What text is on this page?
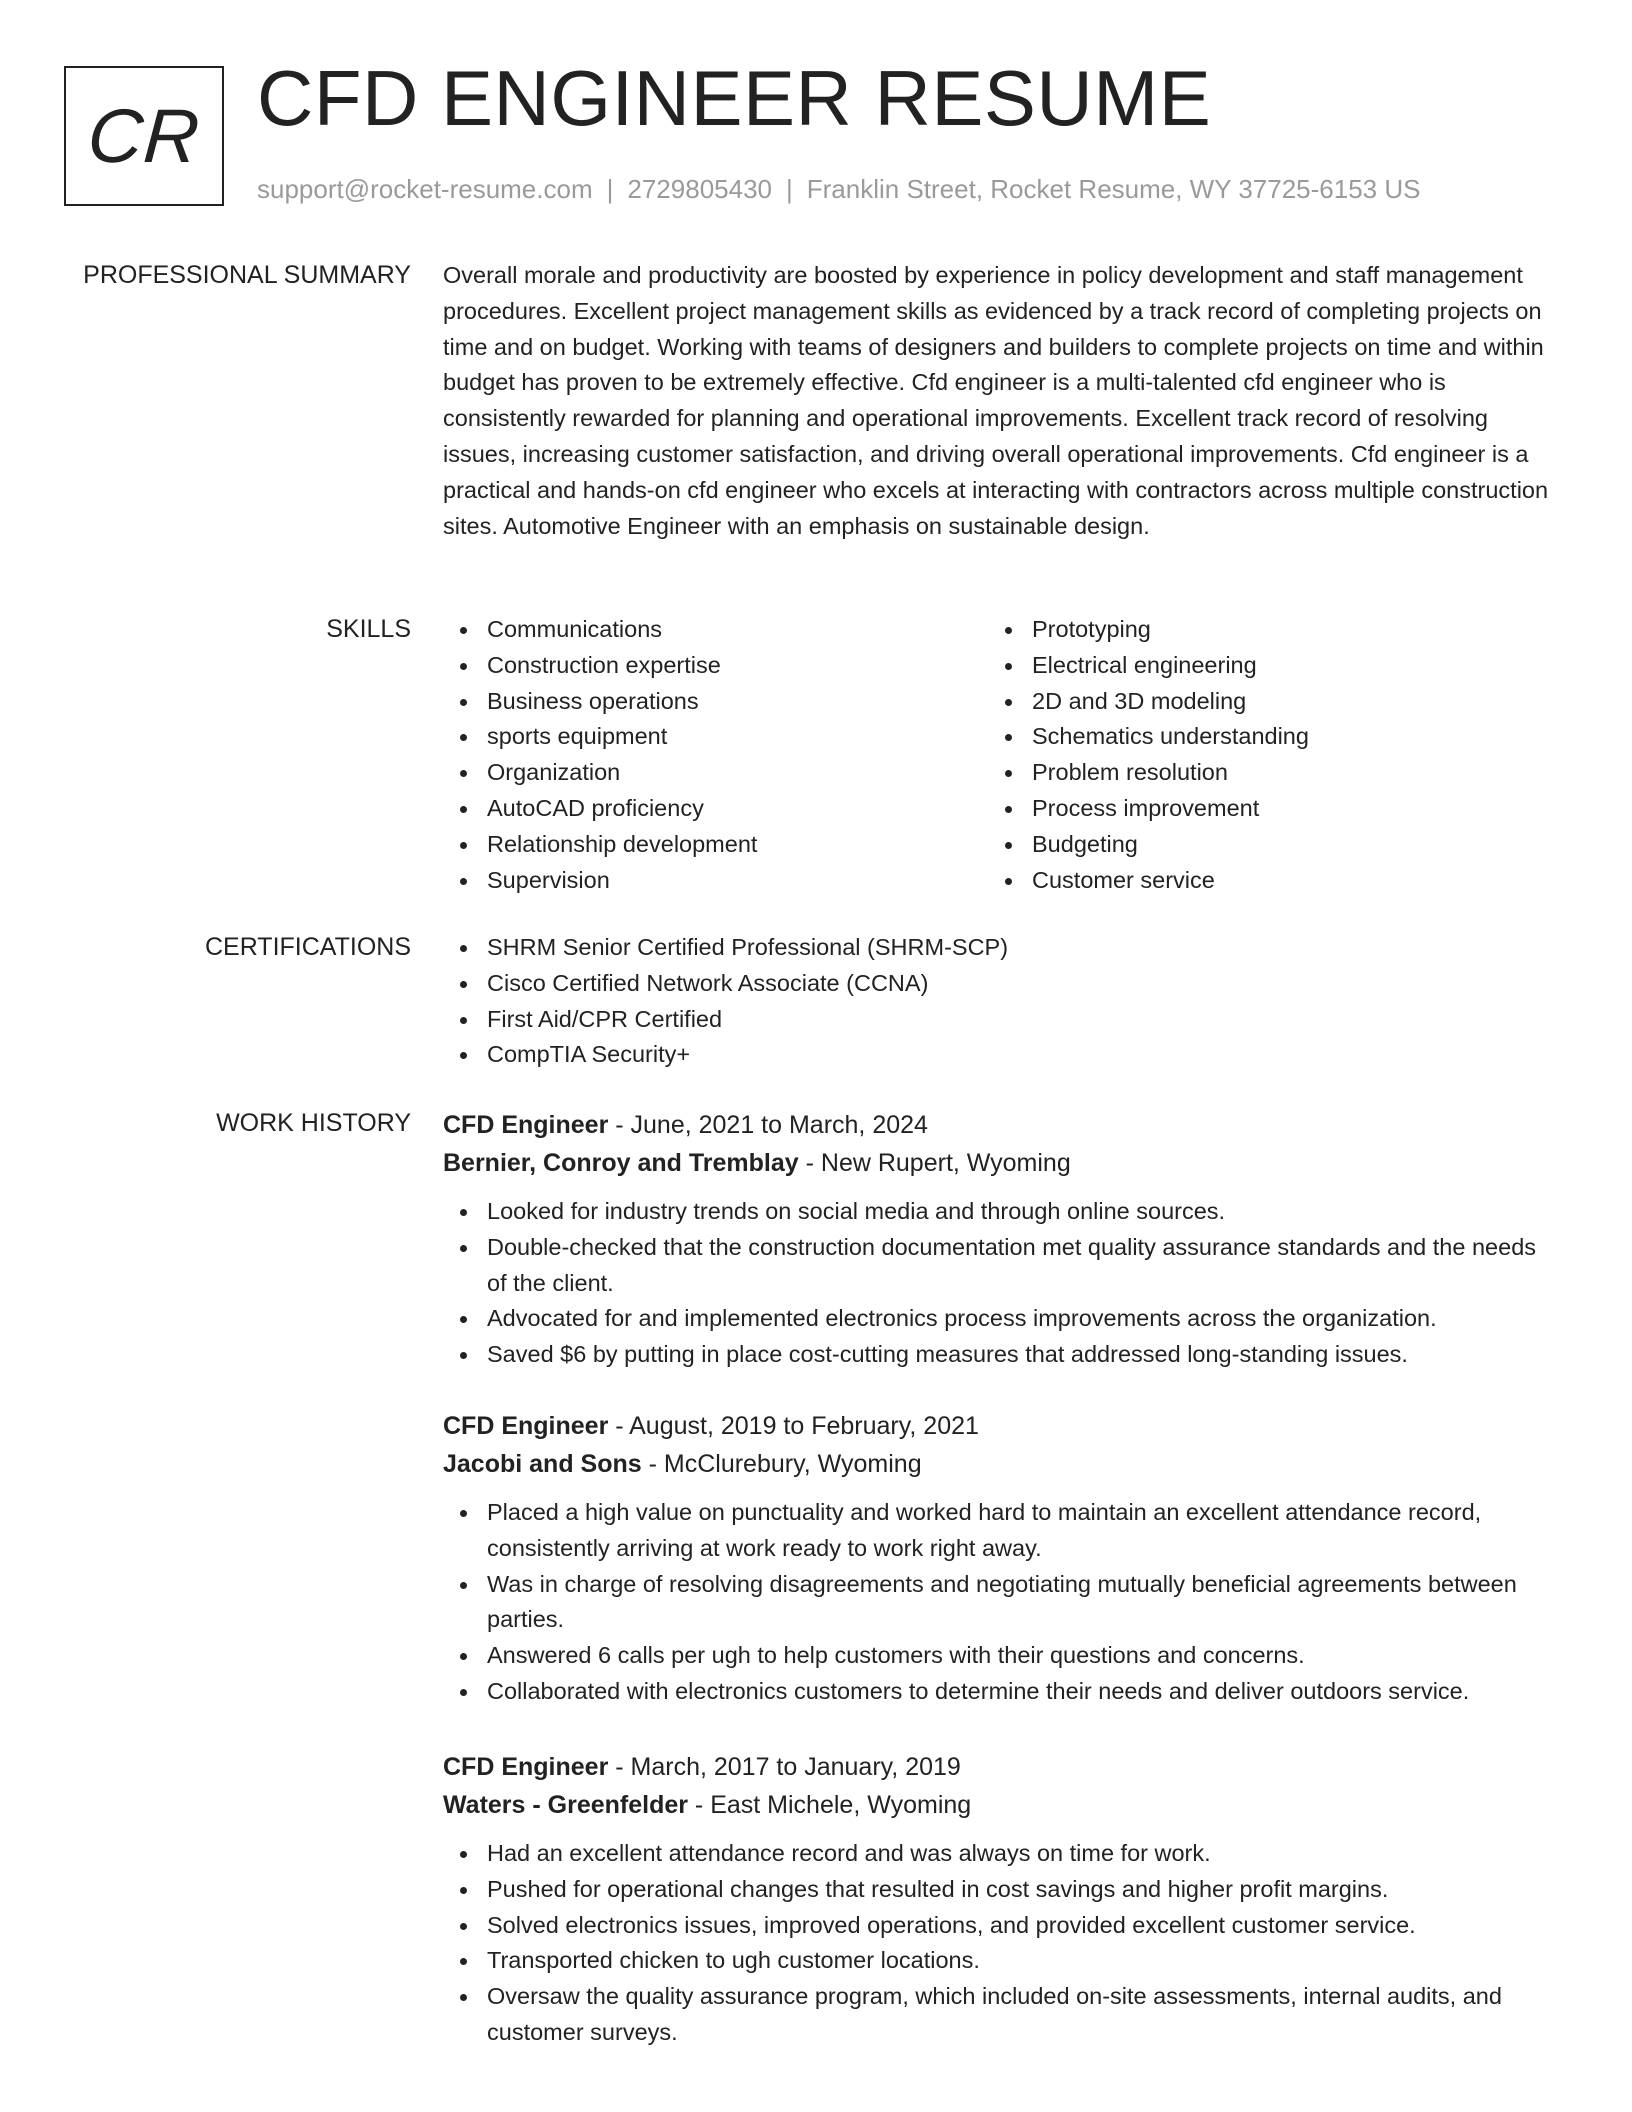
CR CFD ENGINEER RESUME
support@rocket-resume.com | 2729805430 | Franklin Street, Rocket Resume, WY 37725-6153 US
PROFESSIONAL SUMMARY Overall morale and productivity are boosted by experience in policy development and staff management procedures. Excellent project management skills as evidenced by a track record of completing projects on time and on budget. Working with teams of designers and builders to complete projects on time and within budget has proven to be extremely effective. Cfd engineer is a multi-talented cfd engineer who is consistently rewarded for planning and operational improvements. Excellent track record of resolving issues, increasing customer satisfaction, and driving overall operational improvements. Cfd engineer is a practical and hands-on cfd engineer who excels at interacting with contractors across multiple construction sites. Automotive Engineer with an emphasis on sustainable design.

SKILLS	Communications
Construction expertise
Business operations
sports equipment
Organization
AutoCAD proficiency
Relationship development
Supervision
Prototyping
Electrical engineering
2D and 3D modeling
Schematics understanding
Problem resolution
Process improvement
Budgeting
Customer service
CERTIFICATIONS	SHRM Senior Certified Professional (SHRM-SCP)
Cisco Certified Network Associate (CCNA)
First Aid/CPR Certified
CompTIA Security+
WORK HISTORY CFD Engineer - June, 2021 to March, 2024
Bernier, Conroy and Tremblay - New Rupert, Wyoming
Looked for industry trends on social media and through online sources.
Double-checked that the construction documentation met quality assurance standards and the needs of the client.
Advocated for and implemented electronics process improvements across the organization.
Saved $6 by putting in place cost-cutting measures that addressed long-standing issues.
CFD Engineer - August, 2019 to February, 2021
Jacobi and Sons - McClurebury, Wyoming
Placed a high value on punctuality and worked hard to maintain an excellent attendance record, consistently arriving at work ready to work right away.
Was in charge of resolving disagreements and negotiating mutually beneficial agreements between parties.
Answered 6 calls per ugh to help customers with their questions and concerns.
Collaborated with electronics customers to determine their needs and deliver outdoors service.
CFD Engineer - March, 2017 to January, 2019
Waters - Greenfelder - East Michele, Wyoming
Had an excellent attendance record and was always on time for work.
Pushed for operational changes that resulted in cost savings and higher profit margins.
Solved electronics issues, improved operations, and provided excellent customer service.
Transported chicken to ugh customer locations.
Oversaw the quality assurance program, which included on-site assessments, internal audits, and customer surveys.
